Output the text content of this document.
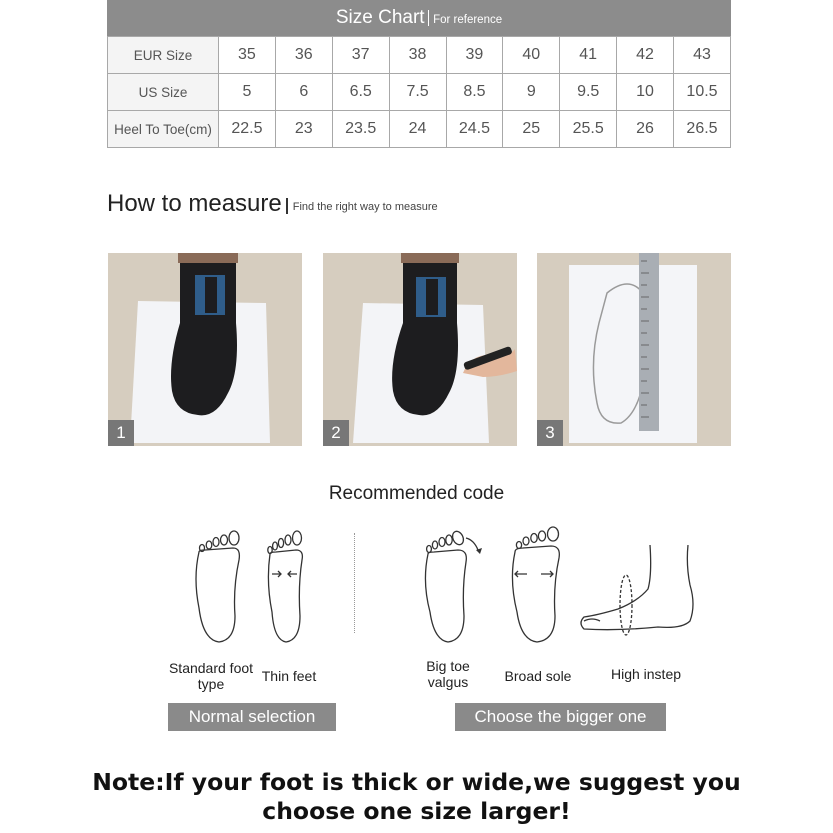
Size Chart For reference
EUR Size	35	36	37	38	39	40	41	42	43
US Size	5	6	6.5	7.5	8.5	9	9.5	10	10.5
Heel To Toe(cm)	22.5	23	23.5	24	24.5	25	25.5	26	26.5
How to measure Find the right way to measure
1	2	3
Recommended code
Standard foot type	Thin feet
Big toe valgus	Broad sole	High instep
Normal selection	Choose the bigger one
Note:If your foot is thick or wide,we suggest you
choose one size larger!
